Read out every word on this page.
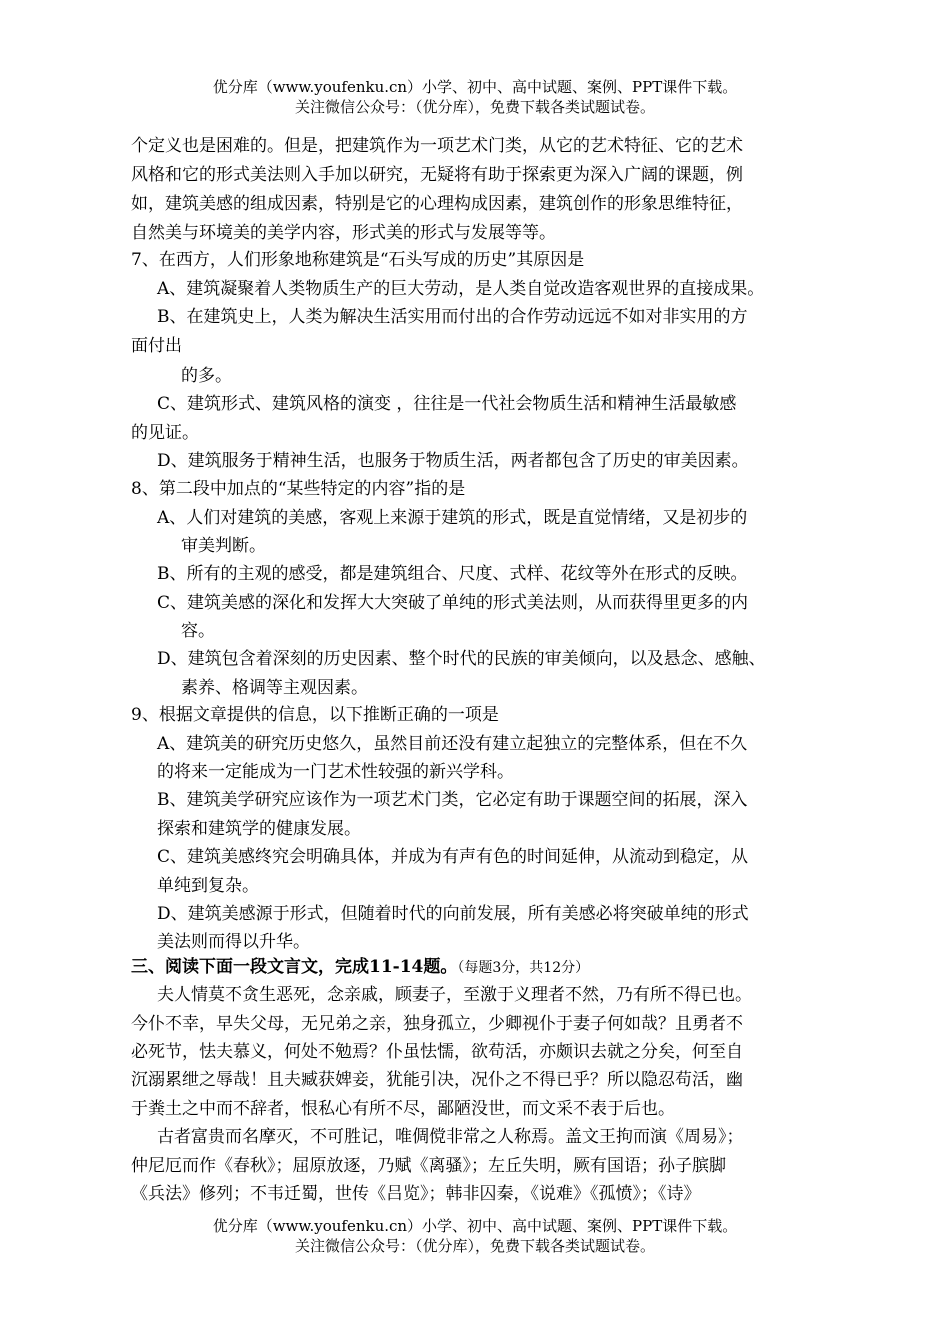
优分库（www.youfenku.cn）小学、初中、高中试题、案例、PPT课件下载。
关注微信公众号：（优分库），免费下载各类试题试卷。
个定义也是困难的。但是，把建筑作为一项艺术门类，从它的艺术特征、它的艺术
风格和它的形式美法则入手加以研究，无疑将有助于探索更为深入广阔的课题，例
如，建筑美感的组成因素，特别是它的心理构成因素，建筑创作的形象思维特征，
自然美与环境美的美学内容，形式美的形式与发展等等。
7、在西方，人们形象地称建筑是“石头写成的历史”其原因是
A、建筑凝聚着人类物质生产的巨大劳动，是人类自觉改造客观世界的直接成果。
B、在建筑史上，人类为解决生活实用而付出的合作劳动远远不如对非实用的方
面付出
的多。
C、建筑形式、建筑风格的演变 ，往往是一代社会物质生活和精神生活最敏感
的见证。
D、建筑服务于精神生活，也服务于物质生活，两者都包含了历史的审美因素。
8、第二段中加点的“某些特定的内容”指的是
A、人们对建筑的美感，客观上来源于建筑的形式，既是直觉情绪，又是初步的
审美判断。
B、所有的主观的感受，都是建筑组合、尺度、式样、花纹等外在形式的反映。
C、建筑美感的深化和发挥大大突破了单纯的形式美法则，从而获得里更多的内
容。
D、建筑包含着深刻的历史因素、整个时代的民族的审美倾向，以及悬念、感触、
素养、格调等主观因素。
9、根据文章提供的信息，以下推断正确的一项是
A、建筑美的研究历史悠久，虽然目前还没有建立起独立的完整体系，但在不久
的将来一定能成为一门艺术性较强的新兴学科。
B、建筑美学研究应该作为一项艺术门类，它必定有助于课题空间的拓展，深入
探索和建筑学的健康发展。
C、建筑美感终究会明确具体，并成为有声有色的时间延伸，从流动到稳定，从
单纯到复杂。
D、建筑美感源于形式，但随着时代的向前发展，所有美感必将突破单纯的形式
美法则而得以升华。
三、阅读下面一段文言文，完成11-14题。（每题3分，共12分）
夫人情莫不贪生恶死，念亲戚，顾妻子，至激于义理者不然，乃有所不得已也。
今仆不幸，早失父母，无兄弟之亲，独身孤立，少卿视仆于妻子何如哉？且勇者不
必死节，怯夫慕义，何处不勉焉？仆虽怯懦，欲苟活，亦颇识去就之分矣，何至自
沉溺累绁之辱哉！且夫臧获婢妾，犹能引决，况仆之不得已乎？所以隐忍苟活，幽
于粪土之中而不辞者，恨私心有所不尽，鄙陋没世，而文采不表于后也。
古者富贵而名摩灭，不可胜记，唯倜傥非常之人称焉。盖文王拘而演《周易》；
仲尼厄而作《春秋》；屈原放逐，乃赋《离骚》；左丘失明，厥有国语；孙子膑脚
《兵法》修列；不韦迁蜀，世传《吕览》；韩非囚秦，《说难》《孤愤》；《诗》
优分库（www.youfenku.cn）小学、初中、高中试题、案例、PPT课件下载。
关注微信公众号：（优分库），免费下载各类试题试卷。
